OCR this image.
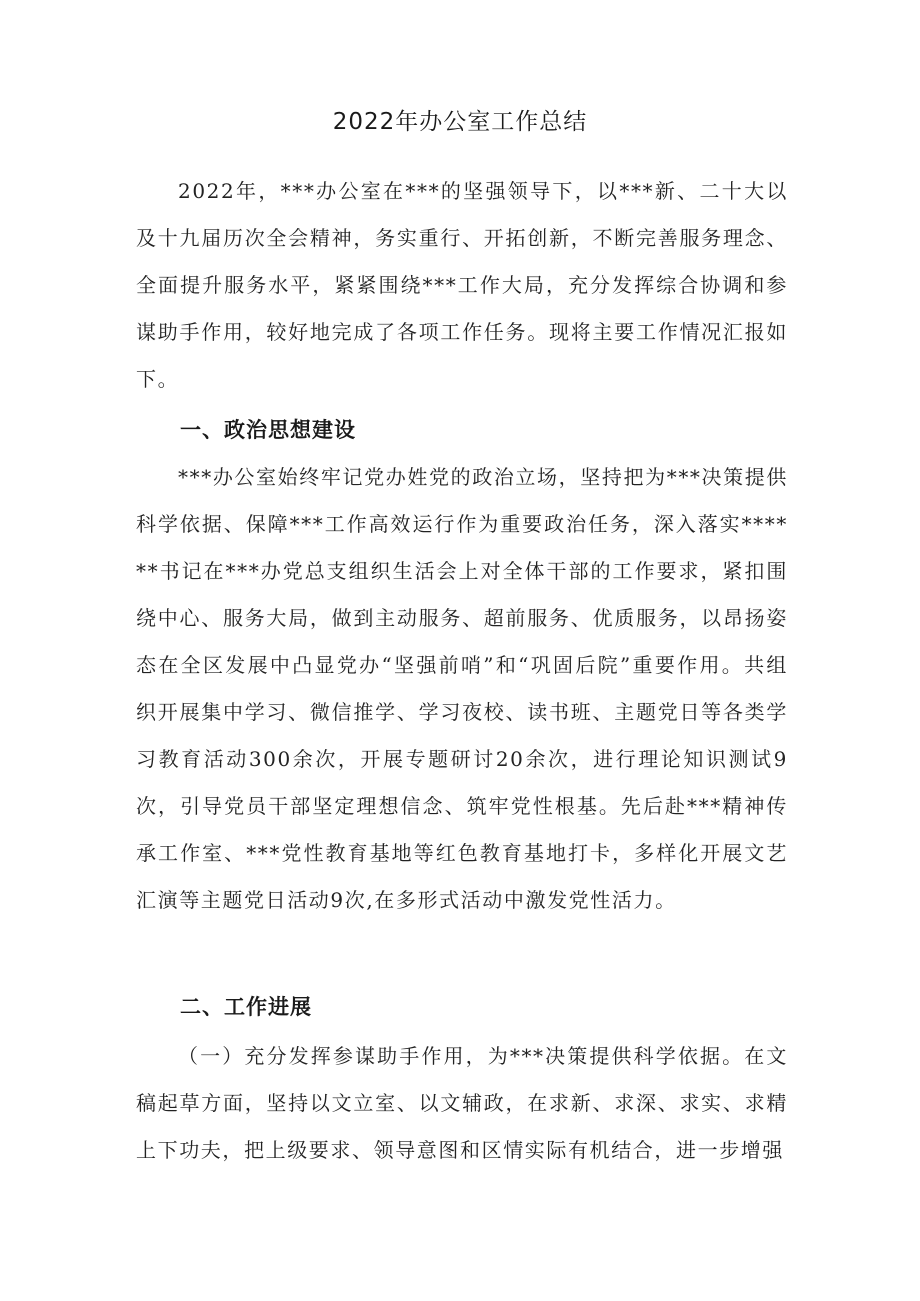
2022年办公室工作总结

2022年，***办公室在***的坚强领导下，以***新、二十大以及十九届历次全会精神，务实重行、开拓创新，不断完善服务理念、全面提升服务水平，紧紧围绕***工作大局，充分发挥综合协调和参谋助手作用，较好地完成了各项工作任务。现将主要工作情况汇报如下。

一、政治思想建设

***办公室始终牢记党办姓党的政治立场，坚持把为***决策提供科学依据、保障***工作高效运行作为重要政治任务，深入落实******书记在***办党总支组织生活会上对全体干部的工作要求，紧扣围绕中心、服务大局，做到主动服务、超前服务、优质服务，以昂扬姿态在全区发展中凸显党办“坚强前哨”和“巩固后院”重要作用。共组织开展集中学习、微信推学、学习夜校、读书班、主题党日等各类学习教育活动300余次，开展专题研讨20余次，进行理论知识测试9次，引导党员干部坚定理想信念、筑牢党性根基。先后赴***精神传承工作室、***党性教育基地等红色教育基地打卡，多样化开展文艺汇演等主题党日活动9次,在多形式活动中激发党性活力。

二、工作进展

（一）充分发挥参谋助手作用，为***决策提供科学依据。在文稿起草方面，坚持以文立室、以文辅政，在求新、求深、求实、求精上下功夫，把上级要求、领导意图和区情实际有机结合，进一步增强
